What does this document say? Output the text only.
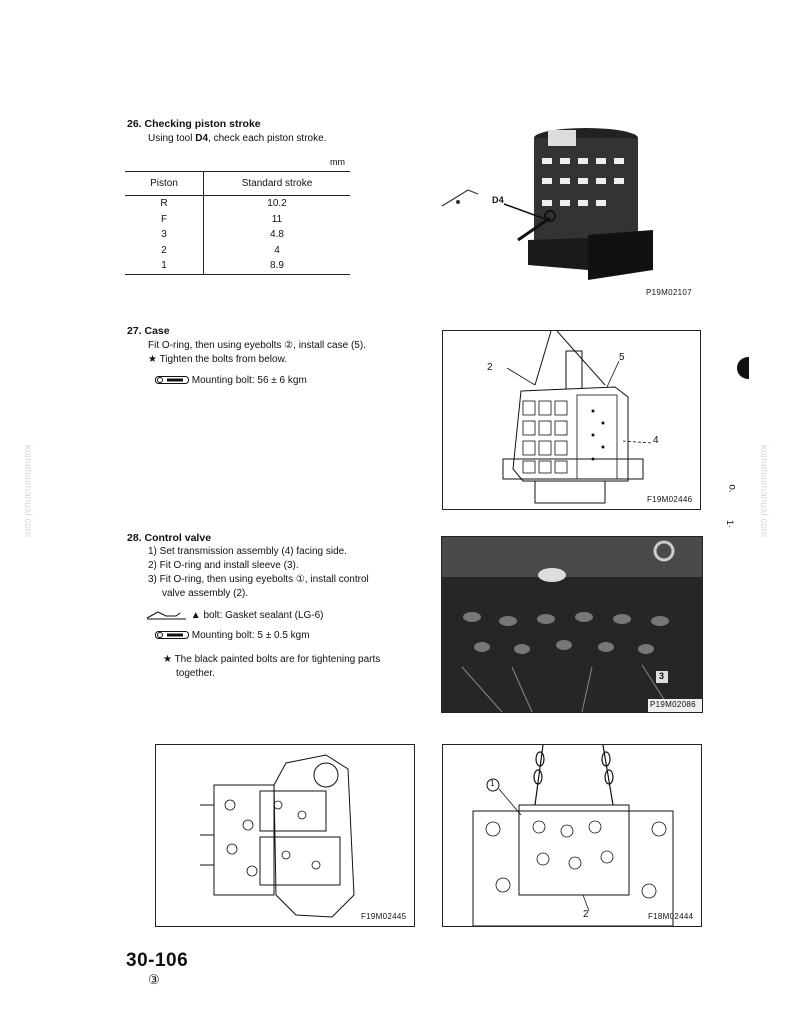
komatsumanual.com	komatsumanual.com
o.
1·
26. Checking piston stroke
Using tool D4, check each piston stroke.
mm
Piston	Standard stroke
R	10.2
F	11
3	4.8
2	4
1	8.9
D4
P19M02107
27. Case
Fit O-ring, then using eyebolts ②, install case (5).
★ Tighten the bolts from below.
Mounting bolt: 56 ± 6 kgm
2
5
4
F19M02446
28. Control valve
1) Set transmission assembly (4) facing side.
2) Fit O-ring and install sleeve (3).
3) Fit O-ring, then using eyebolts ①, install control
valve assembly (2).
▲ bolt: Gasket sealant (LG-6)
Mounting bolt: 5 ± 0.5 kgm
★ The black painted bolts are for tightening parts
together.	3
P19M02086
F19M02445
1
2	F18M02444
30-106
③
